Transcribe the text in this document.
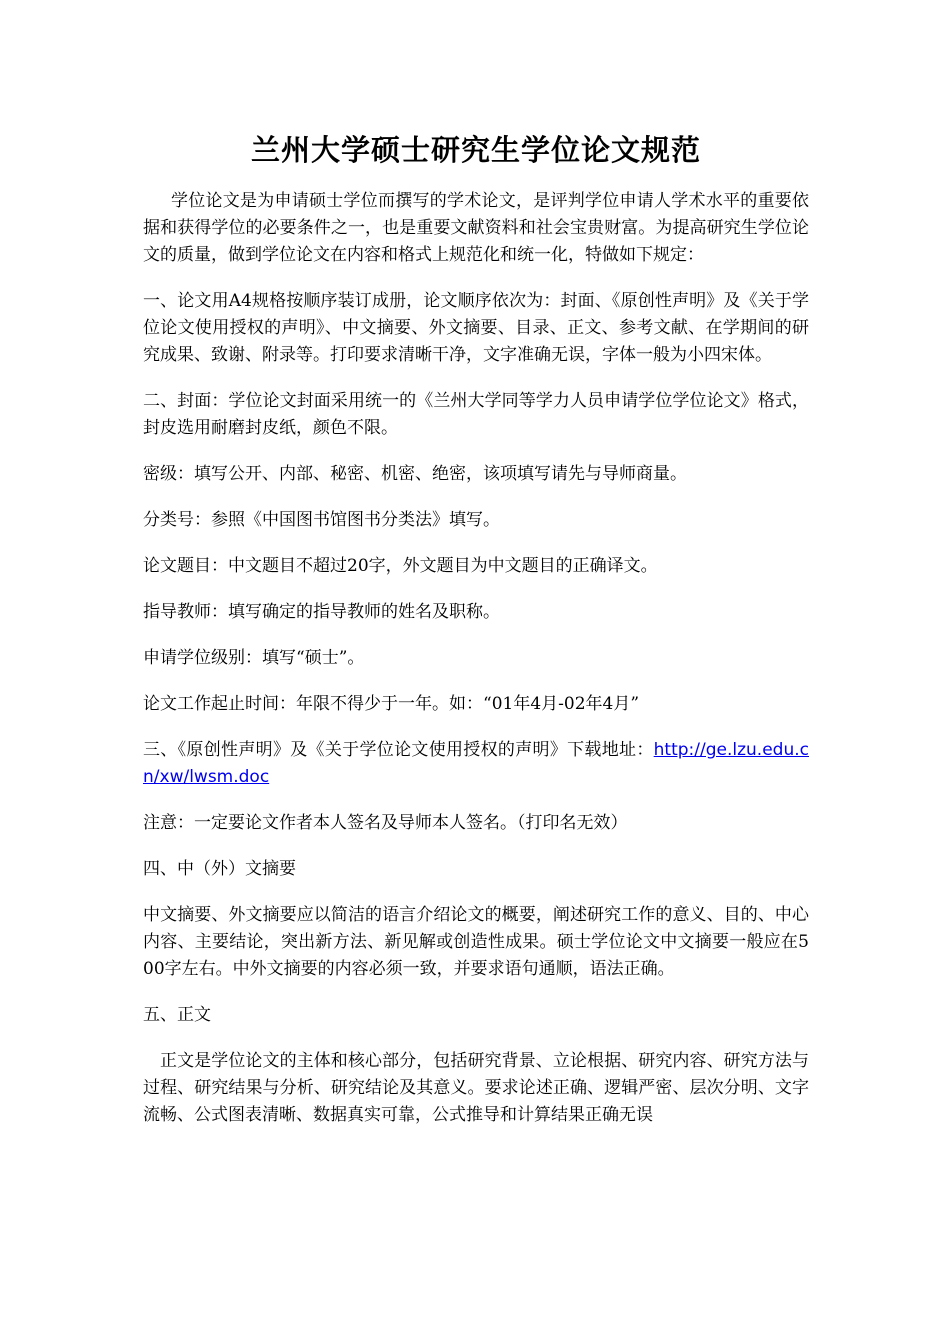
兰州大学硕士研究生学位论文规范

学位论文是为申请硕士学位而撰写的学术论文，是评判学位申请人学术水平的重要依据和获得学位的必要条件之一，也是重要文献资料和社会宝贵财富。为提高研究生学位论文的质量，做到学位论文在内容和格式上规范化和统一化，特做如下规定：

一、论文用A4规格按顺序装订成册，论文顺序依次为：封面、《原创性声明》及《关于学位论文使用授权的声明》、中文摘要、外文摘要、目录、正文、参考文献、在学期间的研究成果、致谢、附录等。打印要求清晰干净，文字准确无误，字体一般为小四宋体。

二、封面：学位论文封面采用统一的《兰州大学同等学力人员申请学位学位论文》格式，封皮选用耐磨封皮纸，颜色不限。

密级：填写公开、内部、秘密、机密、绝密，该项填写请先与导师商量。

分类号：参照《中国图书馆图书分类法》填写。

论文题目：中文题目不超过20字，外文题目为中文题目的正确译文。

指导教师：填写确定的指导教师的姓名及职称。

申请学位级别：填写“硕士”。

论文工作起止时间：年限不得少于一年。如：“01年4月-02年4月”

三、《原创性声明》及《关于学位论文使用授权的声明》下载地址：http://ge.lzu.edu.cn/xw/lwsm.doc

注意：一定要论文作者本人签名及导师本人签名。（打印名无效）

四、中（外）文摘要

中文摘要、外文摘要应以简洁的语言介绍论文的概要，阐述研究工作的意义、目的、中心内容、主要结论，突出新方法、新见解或创造性成果。硕士学位论文中文摘要一般应在500字左右。中外文摘要的内容必须一致，并要求语句通顺，语法正确。

五、正文

正文是学位论文的主体和核心部分，包括研究背景、立论根据、研究内容、研究方法与过程、研究结果与分析、研究结论及其意义。要求论述正确、逻辑严密、层次分明、文字流畅、公式图表清晰、数据真实可靠，公式推导和计算结果正确无误
